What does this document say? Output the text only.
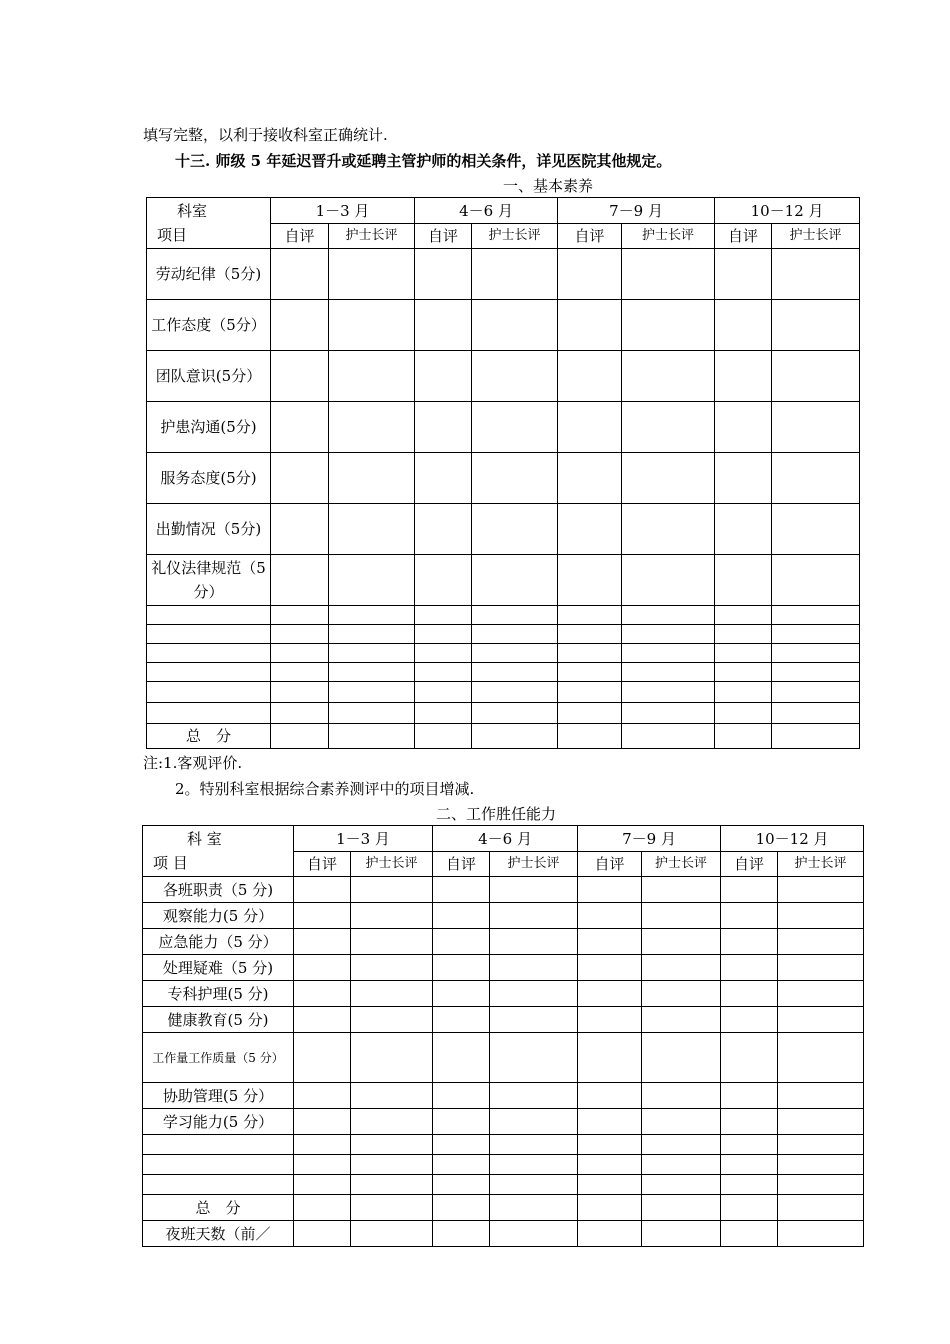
填写完整，以利于接收科室正确统计.
十三. 师级 5 年延迟晋升或延聘主管护师的相关条件，详见医院其他规定。
一、基本素养
科室
项目	1－3 月		4－6 月		7－9 月		10－12 月	
	自评	护士长评	自评	护士长评	自评	护士长评	自评	护士长评
劳动纪律（5分)								
工作态度（5分）								
团队意识(5分）								
护患沟通(5分)								
服务态度(5分)								
出勤情况（5分)								
礼仪法律规范（5 分）								

总　分								
注:1.客观评价.
2。特别科室根据综合素养测评中的项目增减.
二、工作胜任能力
科 室
项 目	1－3 月		4－6 月		7－9 月		10－12 月	
	自评	护士长评	自评	护士长评	自评	护士长评	自评	护士长评
各班职责（5 分)								
观察能力(5 分）								
应急能力（5 分）								
处理疑难（5 分)								
专科护理(5 分)								
健康教育(5 分)								
工作量工作质量（5 分）								
协助管理(5 分）								
学习能力(5 分）								

总　分								
夜班天数（前／								
